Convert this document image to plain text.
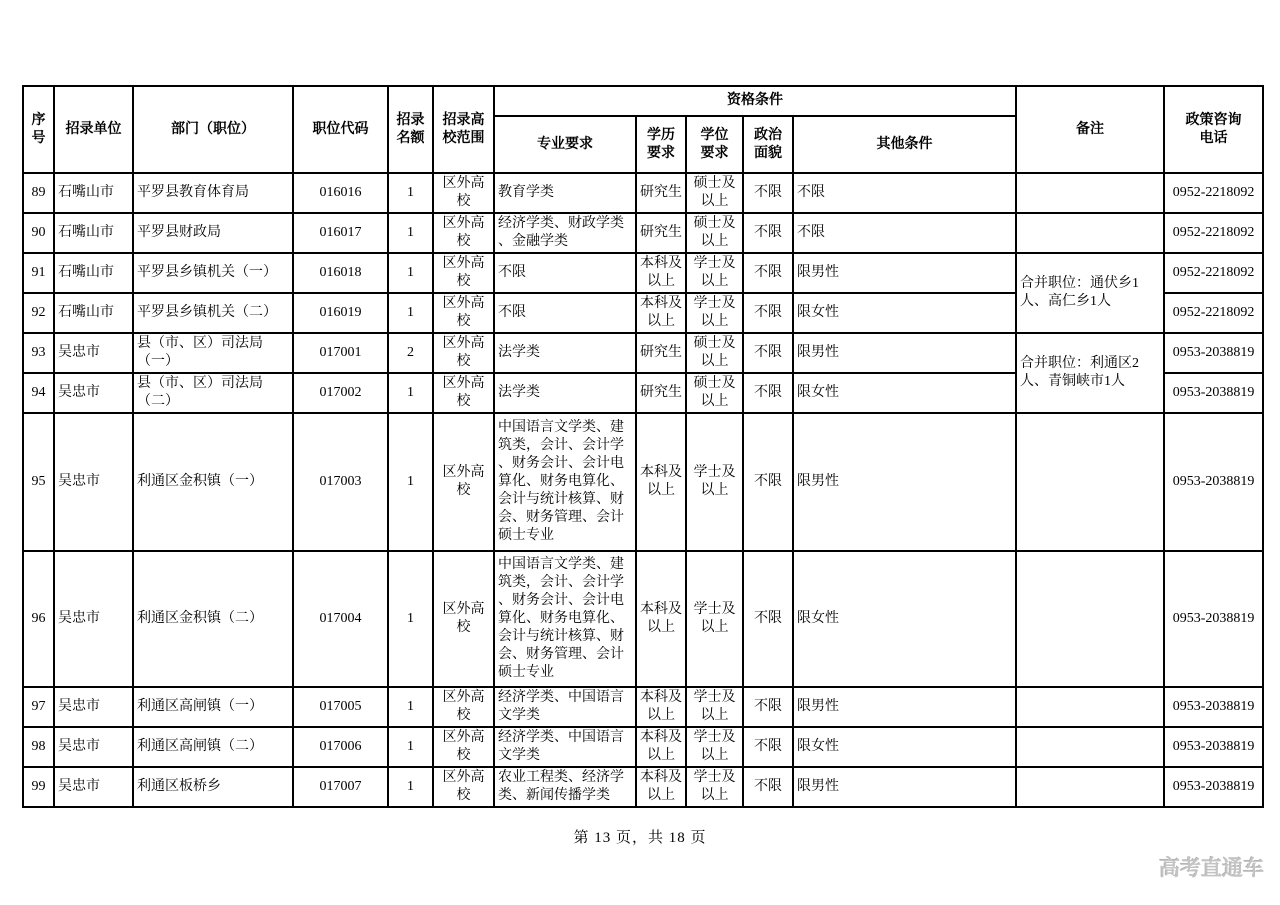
序号	招录单位	部门（职位）	职位代码	招录名额	招录高校范围	资格条件					备注	政策咨询电话
						专业要求	学历要求	学位要求	政治面貌	其他条件		
89	石嘴山市	平罗县教育体育局	016016	1	区外高校	教育学类	研究生	硕士及以上	不限	不限		0952-2218092
90	石嘴山市	平罗县财政局	016017	1	区外高校	经济学类、财政学类、金融学类	研究生	硕士及以上	不限	不限		0952-2218092
91	石嘴山市	平罗县乡镇机关（一）	016018	1	区外高校	不限	本科及以上	学士及以上	不限	限男性	合并职位：通伏乡1人、高仁乡1人	0952-2218092
92	石嘴山市	平罗县乡镇机关（二）	016019	1	区外高校	不限	本科及以上	学士及以上	不限	限女性		0952-2218092
93	吴忠市	县（市、区）司法局（一）	017001	2	区外高校	法学类	研究生	硕士及以上	不限	限男性	合并职位：利通区2人、青铜峡市1人	0953-2038819
94	吴忠市	县（市、区）司法局（二）	017002	1	区外高校	法学类	研究生	硕士及以上	不限	限女性		0953-2038819
95	吴忠市	利通区金积镇（一）	017003	1	区外高校	中国语言文学类、建筑类，会计、会计学、财务会计、会计电算化、财务电算化、会计与统计核算、财会、财务管理、会计硕士专业	本科及以上	学士及以上	不限	限男性		0953-2038819
96	吴忠市	利通区金积镇（二）	017004	1	区外高校	中国语言文学类、建筑类，会计、会计学、财务会计、会计电算化、财务电算化、会计与统计核算、财会、财务管理、会计硕士专业	本科及以上	学士及以上	不限	限女性		0953-2038819
97	吴忠市	利通区高闸镇（一）	017005	1	区外高校	经济学类、中国语言文学类	本科及以上	学士及以上	不限	限男性		0953-2038819
98	吴忠市	利通区高闸镇（二）	017006	1	区外高校	经济学类、中国语言文学类	本科及以上	学士及以上	不限	限女性		0953-2038819
99	吴忠市	利通区板桥乡	017007	1	区外高校	农业工程类、经济学类、新闻传播学类	本科及以上	学士及以上	不限	限男性		0953-2038819
第 13 页，共 18 页
高考直通车
